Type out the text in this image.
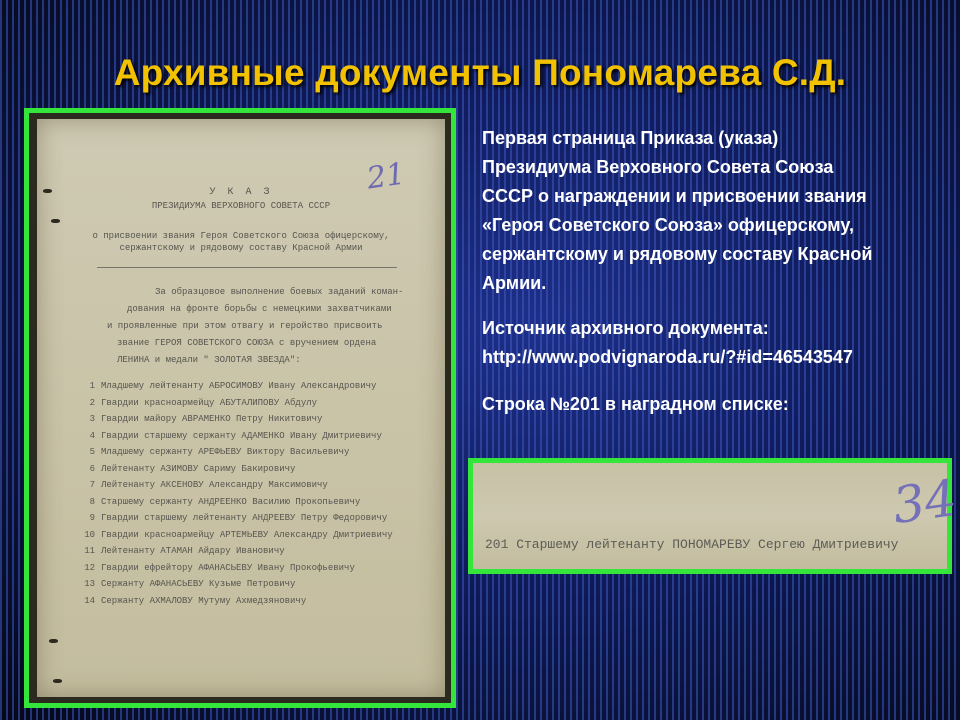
Архивные документы Пономарева С.Д.
21
У К А З
ПРЕЗИДИУМА ВЕРХОВНОГО СОВЕТА СССР
о присвоении звания Героя Советского Союза офицерскому,
сержантскому и рядовому составу Красной Армии
За образцовое выполнение боевых заданий коман-
дования на фронте борьбы с немецкими захватчиками
и проявленные при этом отвагу и геройство присвоить
звание ГЕРОЯ СОВЕТСКОГО СОЮЗА с вручением ордена
ЛЕНИНА и медали " ЗОЛОТАЯ ЗВЕЗДА":
1 Младшему лейтенанту АБРОСИМОВУ Ивану Александровичу
2 Гвардии красноармейцу АБУТАЛИПОВУ Абдулу
3 Гвардии майору АВРАМЕНКО Петру Никитовичу
4 Гвардии старшему сержанту АДАМЕНКО Ивану Дмитриевичу
5 Младшему сержанту АРЕФЬЕВУ Виктору Васильевичу
6 Лейтенанту АЗИМОВУ Сариму Бакировичу
7 Лейтенанту АКСЕНОВУ Александру Максимовичу
8 Старшему сержанту АНДРЕЕНКО Василию Прокопьевичу
9 Гвардии старшему лейтенанту АНДРЕЕВУ Петру Федоровичу
10 Гвардии красноармейцу АРТЕМЬЕВУ Александру Дмитриевичу
11 Лейтенанту АТАМАН Айдару Ивановичу
12 Гвардии ефрейтору АФАНАСЬЕВУ Ивану Прокофьевичу
13 Сержанту АФАНАСЬЕВУ Кузьме Петровичу
14 Сержанту АХМАЛОВУ Мутуму Ахмедзяновичу

Первая страница Приказа (указа)

Президиума Верховного Совета Союза

СССР о награждении и присвоении звания

«Героя Советского Союза» офицерскому,

сержантскому и рядовому составу Красной

Армии.

Источник архивного документа:

http://www.podvignaroda.ru/?#id=46543547

Строка №201 в наградном списке:

34
201 Старшему лейтенанту ПОНОМАРЕВУ Сергею Дмитриевичу
